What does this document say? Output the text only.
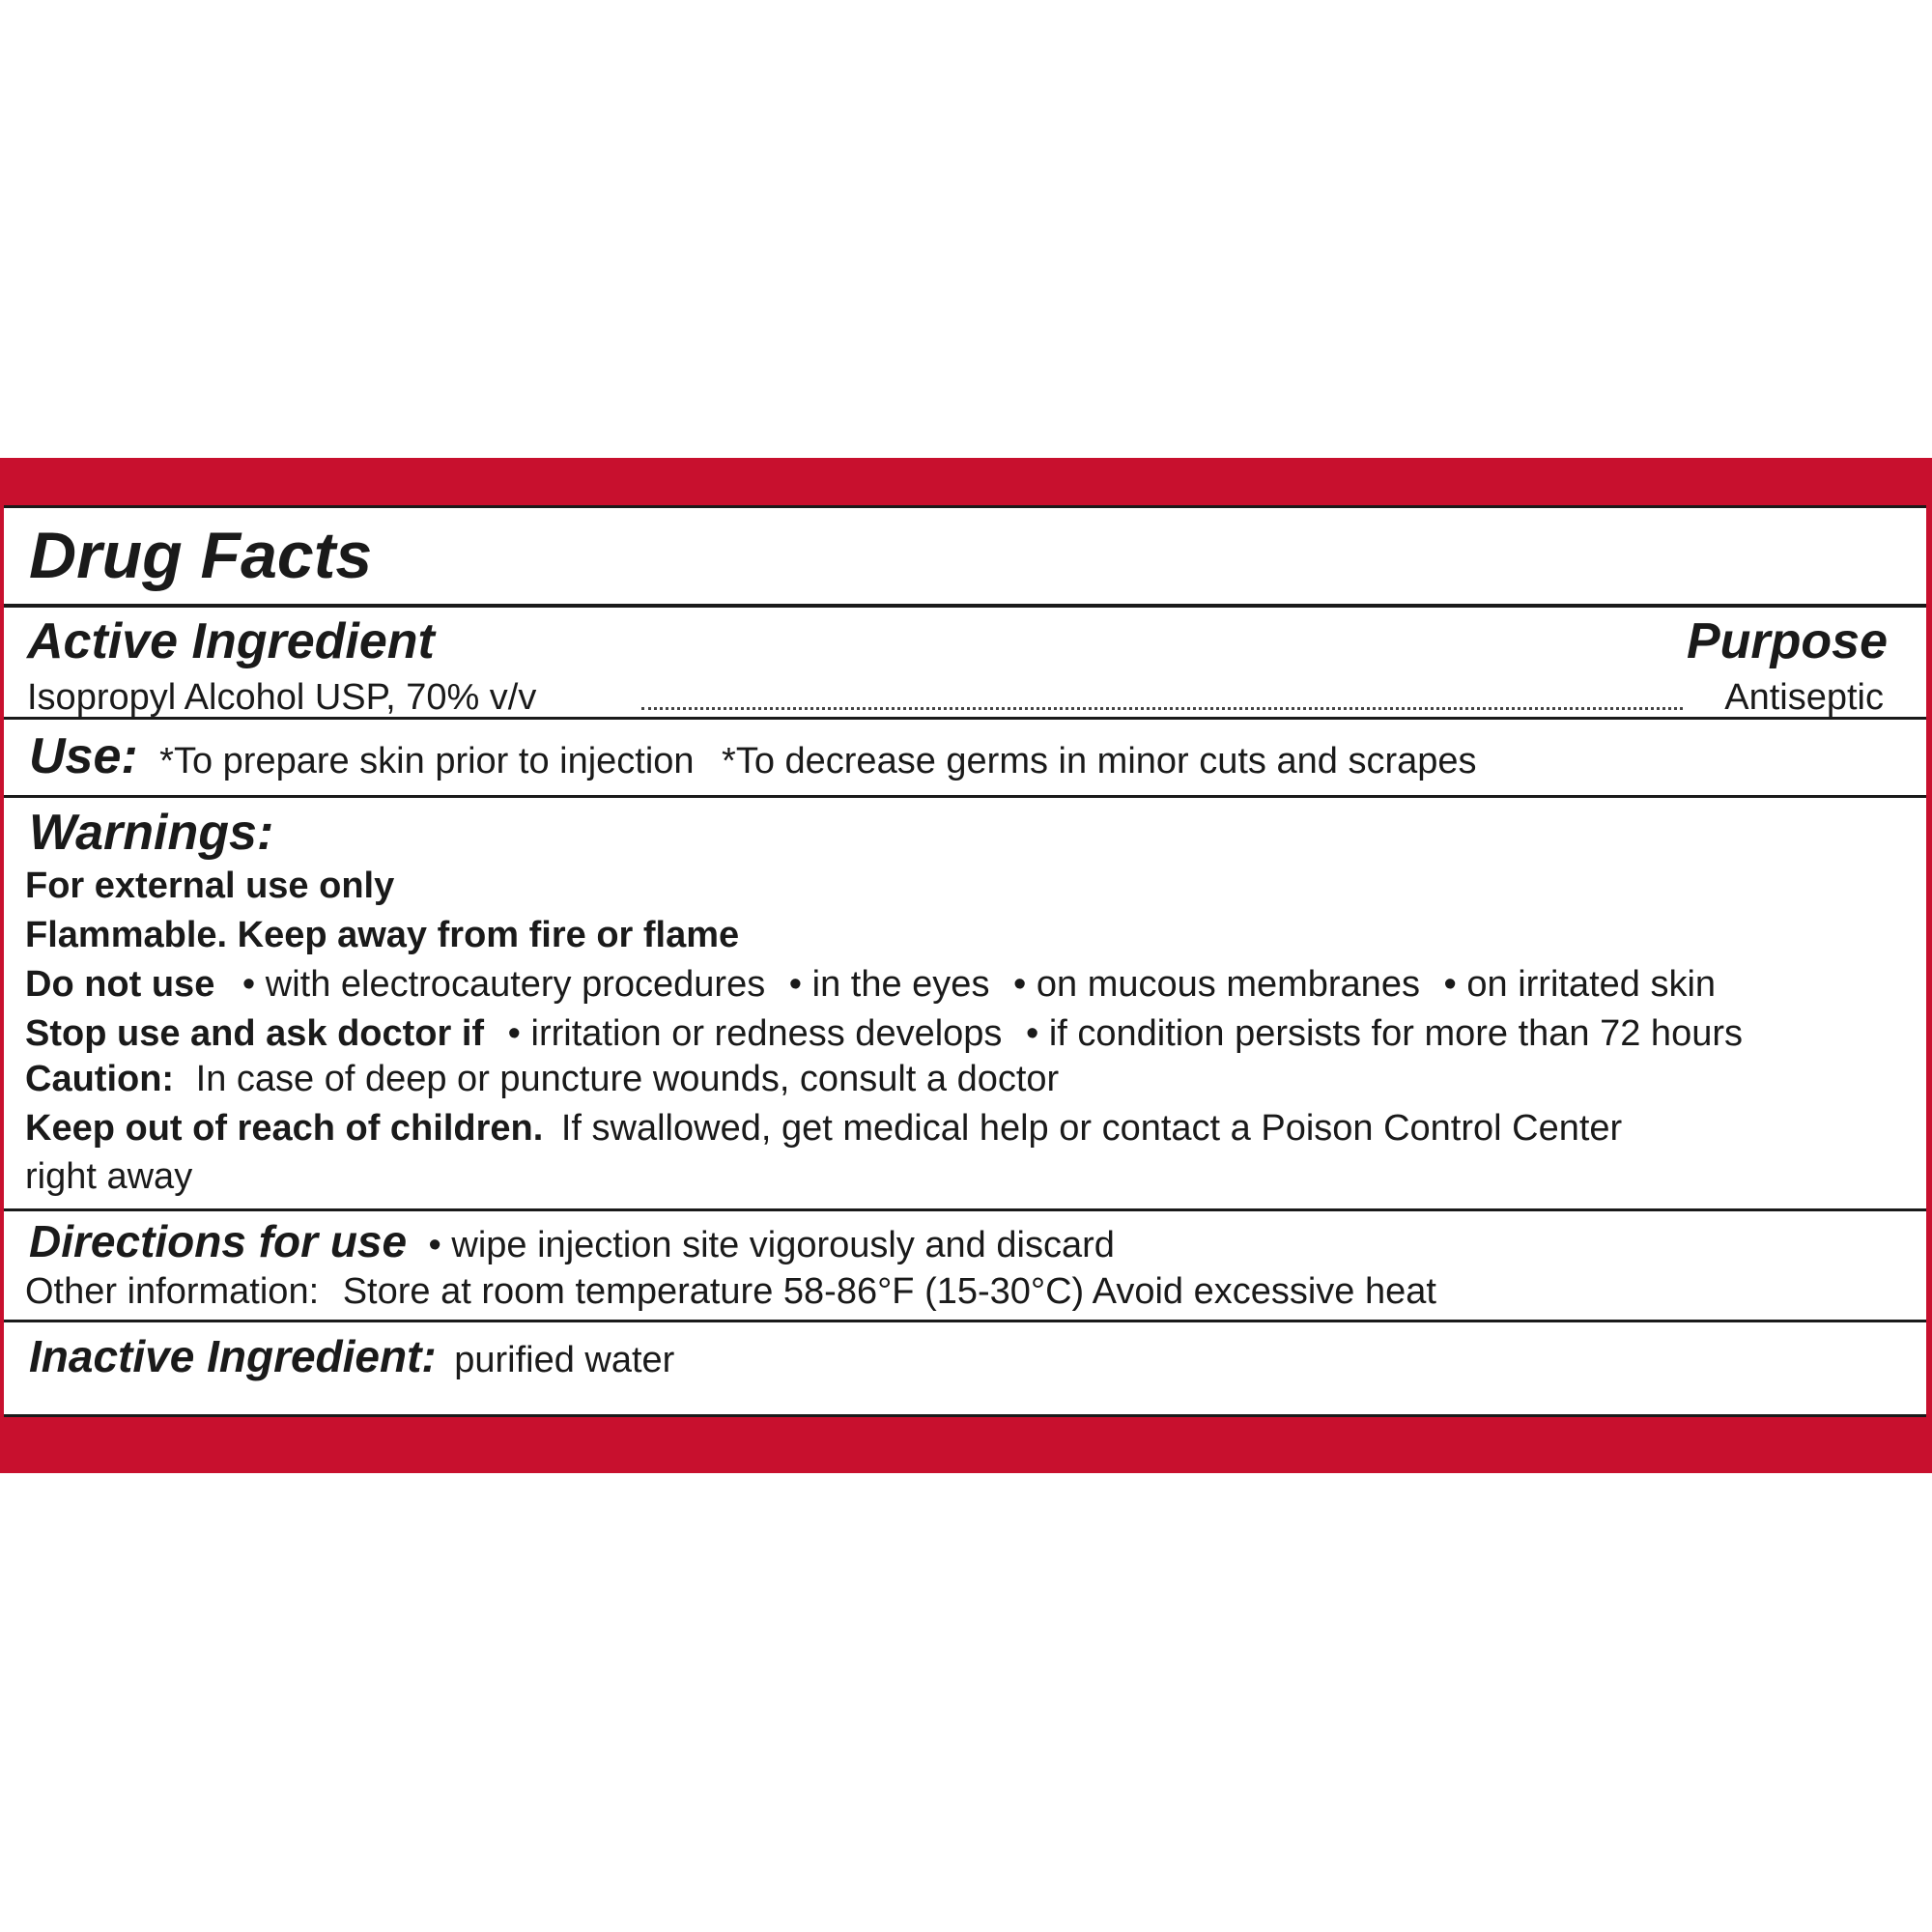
Drug Facts
Active Ingredient	Purpose
Isopropyl Alcohol USP, 70% v/v	Antiseptic
Use: *To prepare skin prior to injection *To decrease germs in minor cuts and scrapes
Warnings:
For external use only
Flammable. Keep away from fire or flame
Do not use • with electrocautery procedures • in the eyes • on mucous membranes • on irritated skin
Stop use and ask doctor if • irritation or redness develops • if condition persists for more than 72 hours
Caution: In case of deep or puncture wounds, consult a doctor
Keep out of reach of children. If swallowed, get medical help or contact a Poison Control Center
right away
Directions for use • wipe injection site vigorously and discard
Other information: Store at room temperature 58-86°F (15-30°C) Avoid excessive heat
Inactive Ingredient: purified water
